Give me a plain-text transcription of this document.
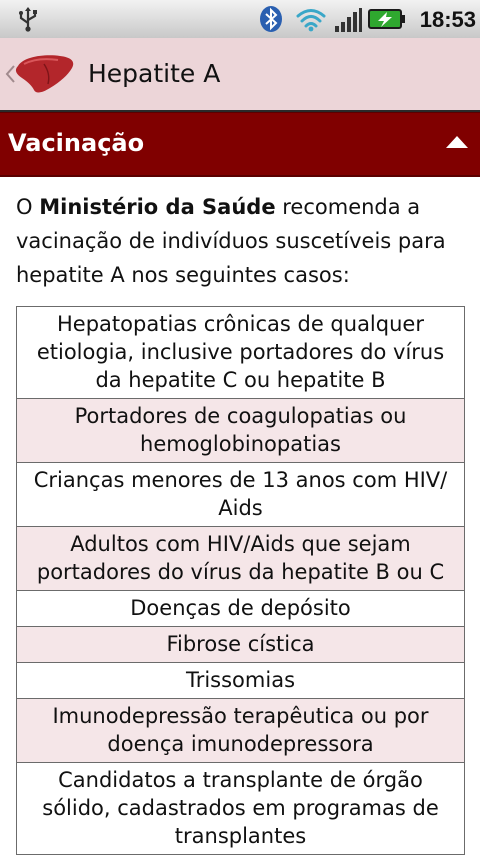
18:53
Hepatite A
Vacinação
O Ministério da Saúde recomenda a vacinação de indivíduos suscetíveis para hepatite A nos seguintes casos:
Hepatopatias crônicas de qualquer etiologia, inclusive portadores do vírus da hepatite C ou hepatite B
Portadores de coagulopatias ou hemoglobinopatias
Crianças menores de 13 anos com HIV/ Aids
Adultos com HIV/Aids que sejam portadores do vírus da hepatite B ou C
Doenças de depósito
Fibrose cística
Trissomias
Imunodepressão terapêutica ou por doença imunodepressora
Candidatos a transplante de órgão sólido, cadastrados em programas de transplantes
